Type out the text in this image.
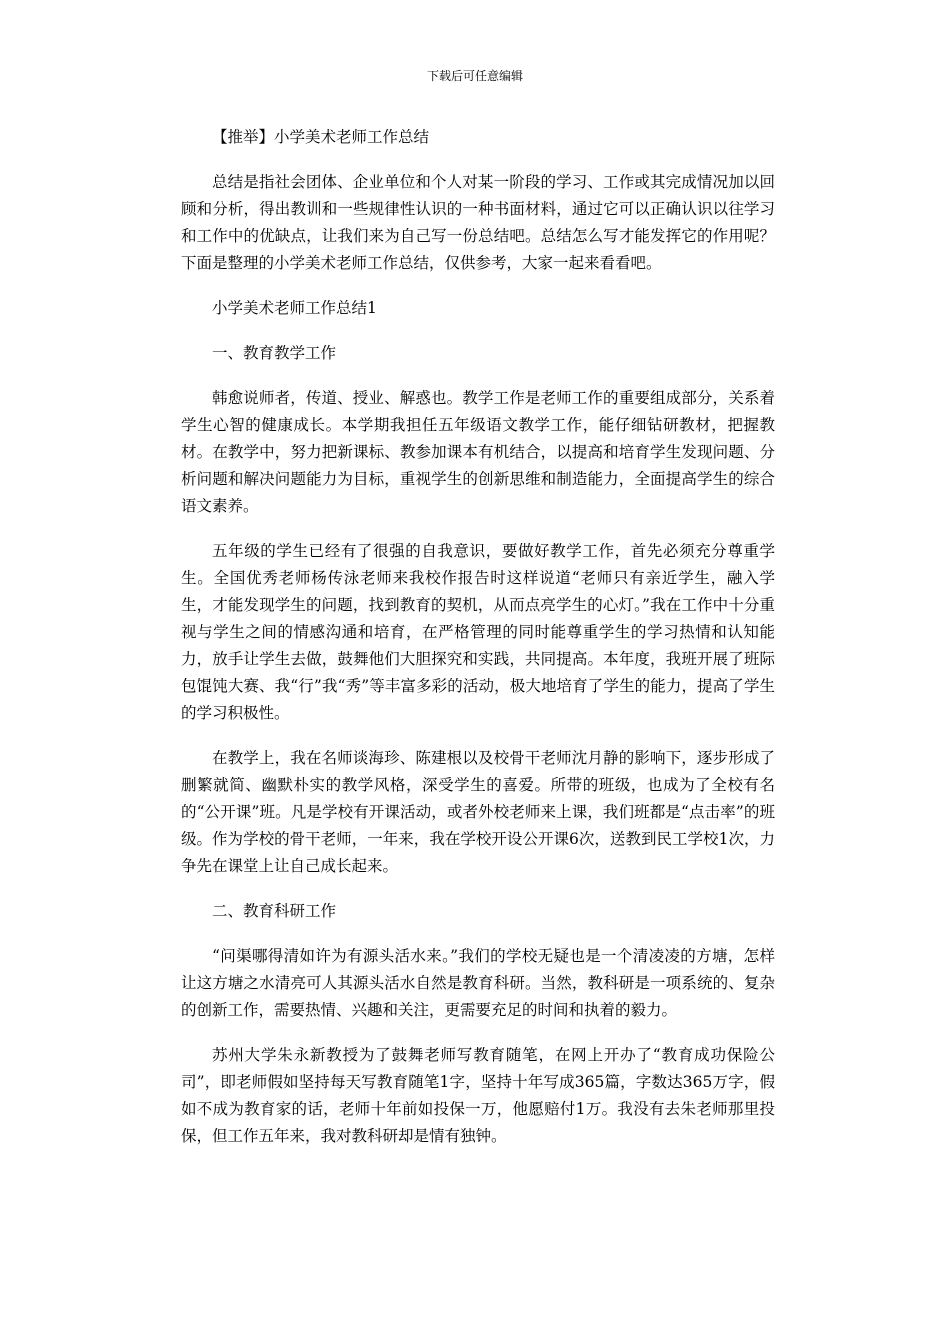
下载后可任意编辑
【推举】小学美术老师工作总结

总结是指社会团体、企业单位和个人对某一阶段的学习、工作或其完成情况加以回顾和分析，得出教训和一些规律性认识的一种书面材料，通过它可以正确认识以往学习和工作中的优缺点，让我们来为自己写一份总结吧。总结怎么写才能发挥它的作用呢？下面是整理的小学美术老师工作总结，仅供参考，大家一起来看看吧。

小学美术老师工作总结1
一、教育教学工作

韩愈说师者，传道、授业、解惑也。教学工作是老师工作的重要组成部分，关系着学生心智的健康成长。本学期我担任五年级语文教学工作，能仔细钻研教材，把握教材。在教学中，努力把新课标、教参加课本有机结合，以提高和培育学生发现问题、分析问题和解决问题能力为目标，重视学生的创新思维和制造能力，全面提高学生的综合语文素养。

五年级的学生已经有了很强的自我意识，要做好教学工作，首先必须充分尊重学生。全国优秀老师杨传泳老师来我校作报告时这样说道“老师只有亲近学生，融入学生，才能发现学生的问题，找到教育的契机，从而点亮学生的心灯。”我在工作中十分重视与学生之间的情感沟通和培育，在严格管理的同时能尊重学生的学习热情和认知能力，放手让学生去做，鼓舞他们大胆探究和实践，共同提高。本年度，我班开展了班际包馄饨大赛、我“行”我“秀”等丰富多彩的活动，极大地培育了学生的能力，提高了学生的学习积极性。

在教学上，我在名师谈海珍、陈建根以及校骨干老师沈月静的影响下，逐步形成了删繁就简、幽默朴实的教学风格，深受学生的喜爱。所带的班级，也成为了全校有名的“公开课”班。凡是学校有开课活动，或者外校老师来上课，我们班都是“点击率”的班级。作为学校的骨干老师，一年来，我在学校开设公开课6次，送教到民工学校1次，力争先在课堂上让自己成长起来。

二、教育科研工作

“问渠哪得清如许为有源头活水来。”我们的学校无疑也是一个清凌凌的方塘，怎样让这方塘之水清亮可人其源头活水自然是教育科研。当然，教科研是一项系统的、复杂的创新工作，需要热情、兴趣和关注，更需要充足的时间和执着的毅力。

苏州大学朱永新教授为了鼓舞老师写教育随笔，在网上开办了“教育成功保险公司”，即老师假如坚持每天写教育随笔1字，坚持十年写成365篇，字数达365万字，假如不成为教育家的话，老师十年前如投保一万，他愿赔付1万。我没有去朱老师那里投保，但工作五年来，我对教科研却是情有独钟。
